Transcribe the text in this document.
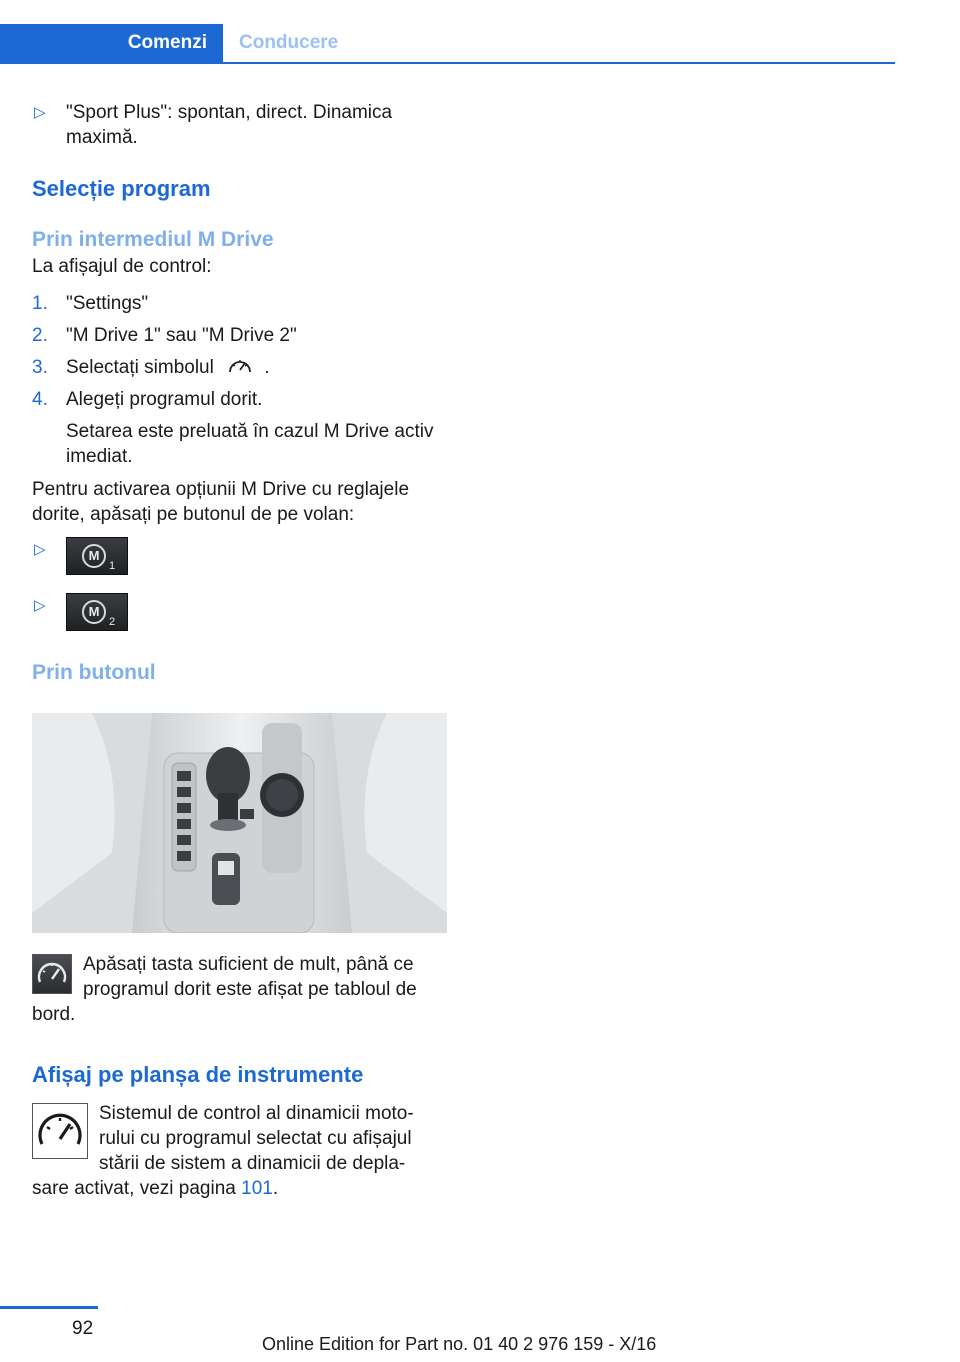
Comenzi	Conducere
▷ "Sport Plus": spontan, direct. Dinamica maximă.
Selecție program
Prin intermediul M Drive

La afișajul de control:

1. "Settings"
2. "M Drive 1" sau "M Drive 2"
3. Selectați simbolul	.
4. Alegeți programul dorit.
Setarea este preluată în cazul M Drive activ imediat.

Pentru activarea opțiunii M Drive cu reglajele dorite, apăsați pe butonul de pe volan:

▷	M
1
▷	M
2
Prin butonul
Apăsați tasta suficient de mult, până ce
programul dorit este afișat pe tabloul de
bord.
Afișaj pe planșa de instrumente
Sistemul de control al dinamicii moto-
rului cu programul selectat cu afișajul
stării de sistem a dinamicii de depla-
sare activat, vezi pagina 101.
92
Online Edition for Part no. 01 40 2 976 159 - X/16
